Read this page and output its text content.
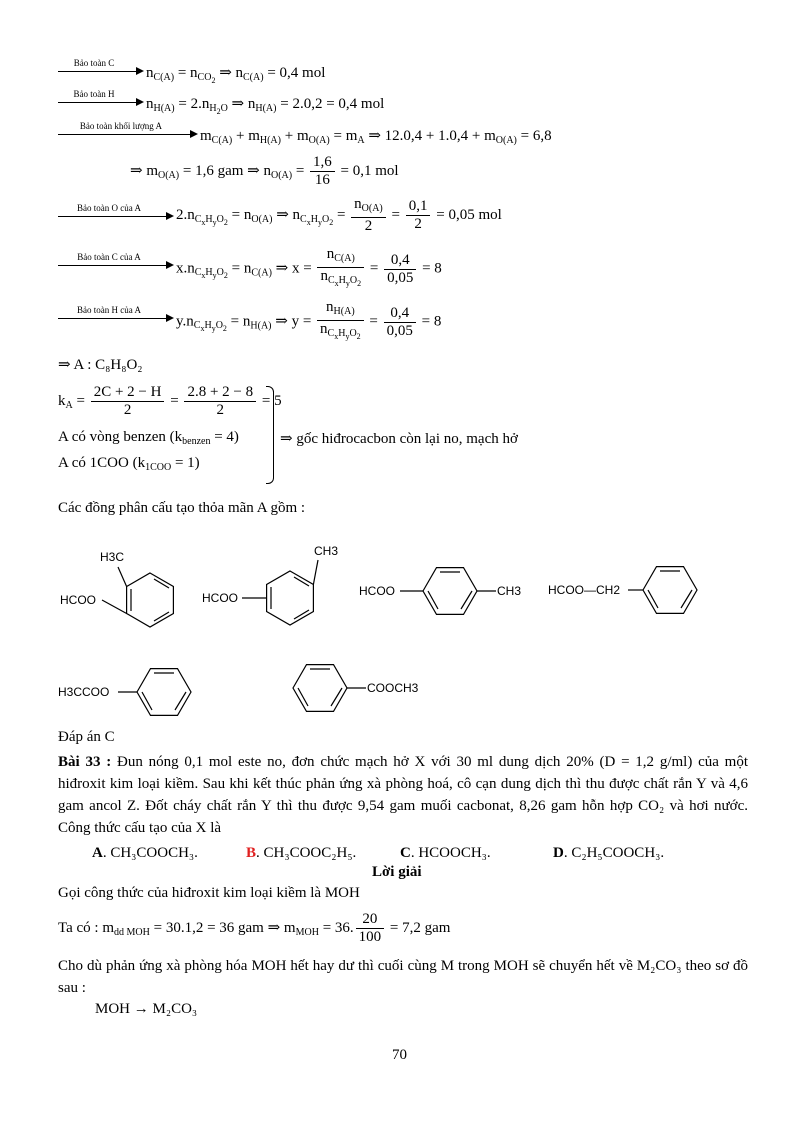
Bảo toàn C
$n_{C(A)} = n_{CO_2}$ ⇒ $n_{C(A)} = 0,4$ mol
Bảo toàn H
$n_{H(A)} = 2.n_{H_2O}$ ⇒ $n_{H(A)} = 2.0,2 = 0,4$ mol
Bảo toàn khối lượng A
$m_{C(A)} + m_{H(A)} + m_{O(A)} = m_A$ ⇒ $12.0,4 + 1.0,4 + m_{O(A)} = 6,8$
⇒ $m_{O(A)} = 1,6$ gam ⇒ $n_{O(A)} = \frac{1,6}{16} = 0,1$ mol
Bảo toàn O của A	$2.n_{C_xH_yO_2} = n_{O(A)}$ ⇒ $n_{C_xH_yO_2} = \frac{n_{O(A)}}{2} = \frac{0,1}{2} = 0,05$ mol
Bảo toàn C của A
$x.n_{C_xH_yO_2} = n_{C(A)}$ ⇒ $x = \frac{n_{C(A)}}{n_{C_xH_yO_2}} = \frac{0,4}{0,05} = 8$
Bảo toàn H của A
$y.n_{C_xH_yO_2} = n_{H(A)}$ ⇒ $y = \frac{n_{H(A)}}{n_{C_xH_yO_2}} = \frac{0,4}{0,05} = 8$
⇒ A : C₈H₈O₂
$k_A = \frac{2C + 2 - H}{2} = \frac{2.8 + 2 - 8}{2} = 5$
A có vòng benzen $(k_{benzen} = 4)$
A có 1COO $(k_{1COO} = 1)$
⇒ gốc hiđrocacbon còn lại no, mạch hở
Các đồng phân cấu tạo thỏa mãn A gồm :
H3C
HCOO
CH3
HCOO	HCOO	CH3 HCOO—CH2
H3CCOO	COOCH3
Đáp án C
Bài 33 : Đun nóng 0,1 mol este no, đơn chức mạch hở X với 30 ml dung dịch 20% (D = 1,2 g/ml) của một hiđroxit kim loại kiềm. Sau khi kết thúc phản ứng xà phòng hoá, cô cạn dung dịch thì thu được chất rắn Y và 4,6 gam ancol Z. Đốt cháy chất rắn Y thì thu được 9,54 gam muối cacbonat, 8,26 gam hỗn hợp CO₂ và hơi nước. Công thức cấu tạo của X là
A. CH₃COOCH₃.	B. CH₃COOC₂H₅.	C. HCOOCH₃.	D. C₂H₅COOCH₃.
Lời giải
Gọi công thức của hiđroxit kim loại kiềm là MOH
Ta có : $m_{dd MOH} = 30.1,2 = 36$ gam ⇒ $m_{MOH} = 36$. $\frac{20}{100} = 7,2$ gam
Cho dù phản ứng xà phòng hóa MOH hết hay dư thì cuối cùng M trong MOH sẽ chuyển hết về M₂CO₃ theo sơ đồ sau :
MOH → M₂CO₃
70
